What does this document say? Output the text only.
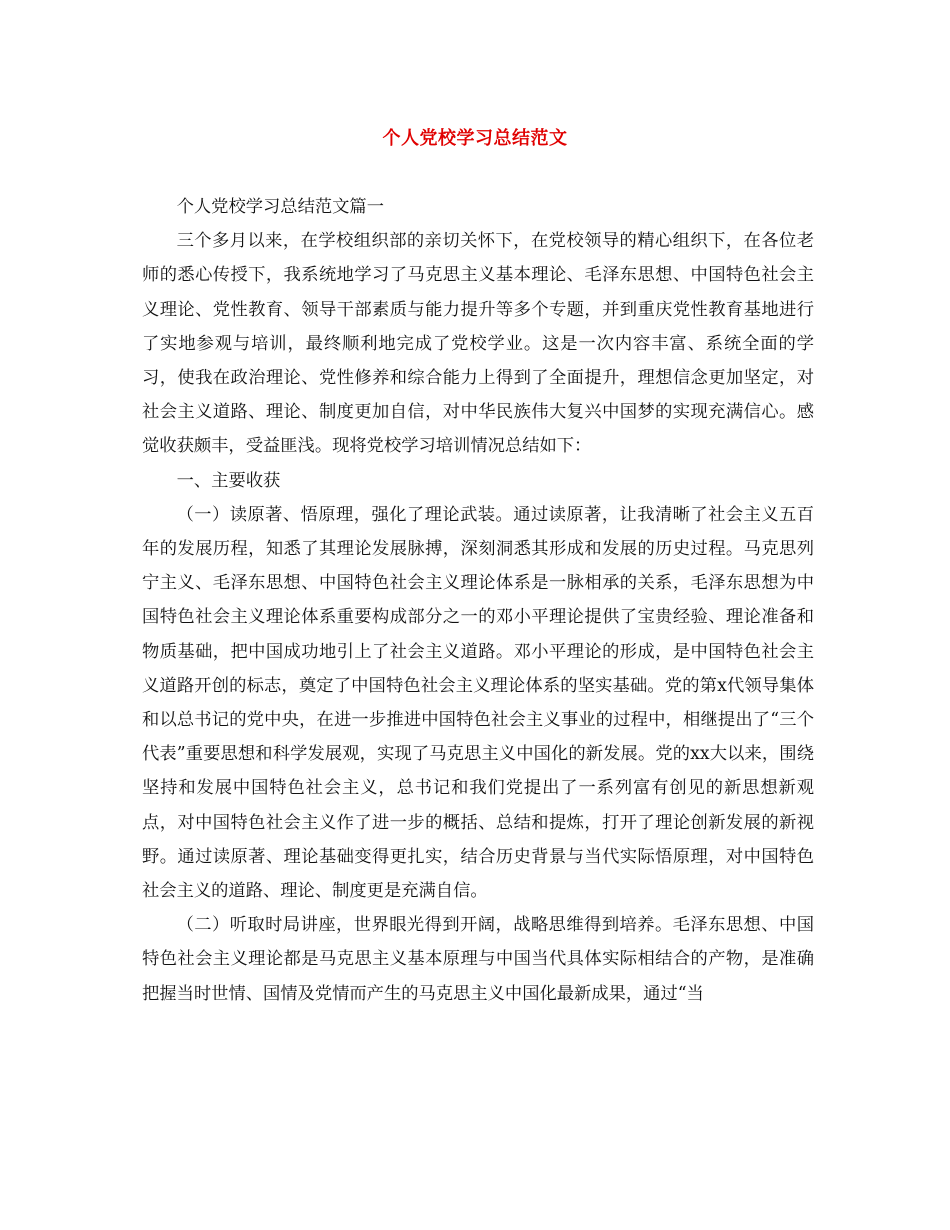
个人党校学习总结范文

个人党校学习总结范文篇一

三个多月以来，在学校组织部的亲切关怀下，在党校领导的精心组织下，在各位老师的悉心传授下，我系统地学习了马克思主义基本理论、毛泽东思想、中国特色社会主义理论、党性教育、领导干部素质与能力提升等多个专题，并到重庆党性教育基地进行了实地参观与培训，最终顺利地完成了党校学业。这是一次内容丰富、系统全面的学习，使我在政治理论、党性修养和综合能力上得到了全面提升，理想信念更加坚定，对社会主义道路、理论、制度更加自信，对中华民族伟大复兴中国梦的实现充满信心。感觉收获颇丰，受益匪浅。现将党校学习培训情况总结如下：

一、主要收获

（一）读原著、悟原理，强化了理论武装。通过读原著，让我清晰了社会主义五百年的发展历程，知悉了其理论发展脉搏，深刻洞悉其形成和发展的历史过程。马克思列宁主义、毛泽东思想、中国特色社会主义理论体系是一脉相承的关系，毛泽东思想为中国特色社会主义理论体系重要构成部分之一的邓小平理论提供了宝贵经验、理论准备和物质基础，把中国成功地引上了社会主义道路。邓小平理论的形成，是中国特色社会主义道路开创的标志，奠定了中国特色社会主义理论体系的坚实基础。党的第x代领导集体和以总书记的党中央，在进一步推进中国特色社会主义事业的过程中，相继提出了“三个代表”重要思想和科学发展观，实现了马克思主义中国化的新发展。党的xx大以来，围绕坚持和发展中国特色社会主义，总书记和我们党提出了一系列富有创见的新思想新观点，对中国特色社会主义作了进一步的概括、总结和提炼，打开了理论创新发展的新视野。通过读原著、理论基础变得更扎实，结合历史背景与当代实际悟原理，对中国特色社会主义的道路、理论、制度更是充满自信。

（二）听取时局讲座，世界眼光得到开阔，战略思维得到培养。毛泽东思想、中国特色社会主义理论都是马克思主义基本原理与中国当代具体实际相结合的产物，是准确把握当时世情、国情及党情而产生的马克思主义中国化最新成果，通过“当
